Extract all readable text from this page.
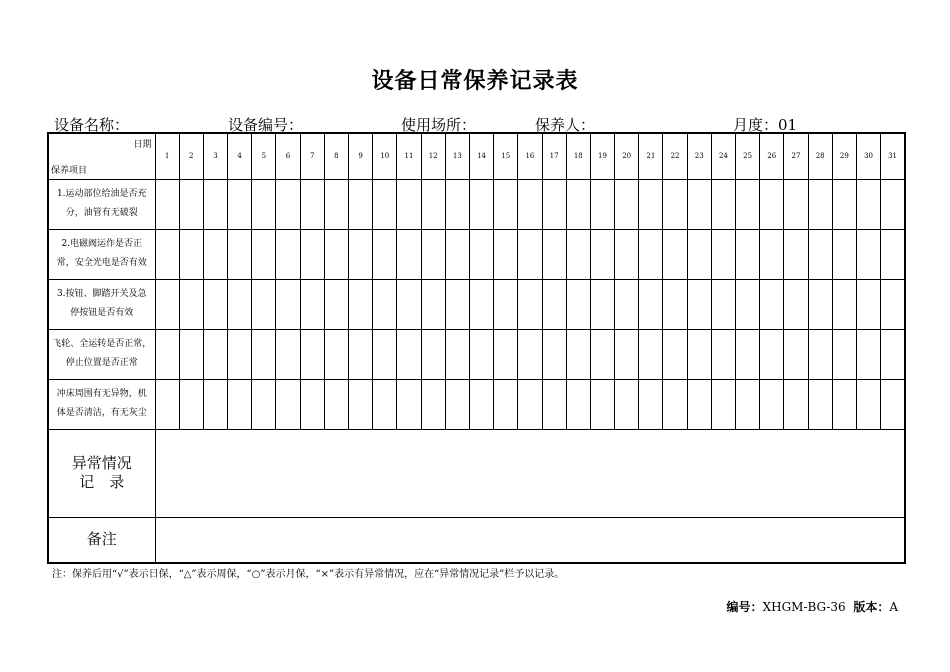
设备日常保养记录表
设备名称：	设备编号：	使用场所：	保养人：	月度：01
日期
保养项目	1	2	3	4	5	6	7	8	9	10	11	12	13	14	15	16	17	18	19	20	21	22	23	24	25	26	27	28	29	30	31

1.运动部位给油是否充
分，油管有无破裂																															

2.电磁阀运作是否正
常，安全光电是否有效																															

3.按钮、脚踏开关及急
停按钮是否有效																															

飞轮、全运转是否正常，
停止位置是否正常																															

冲床周围有无异物，机
体是否清洁，有无灰尘																															

异常情况
记　录																															

备注																															
注：保养后用“√”表示日保，“△”表示周保，“○”表示月保，“×”表示有异常情况，应在“异常情况记录”栏予以记录。
编号：XHGM-BG-36 版本：A
